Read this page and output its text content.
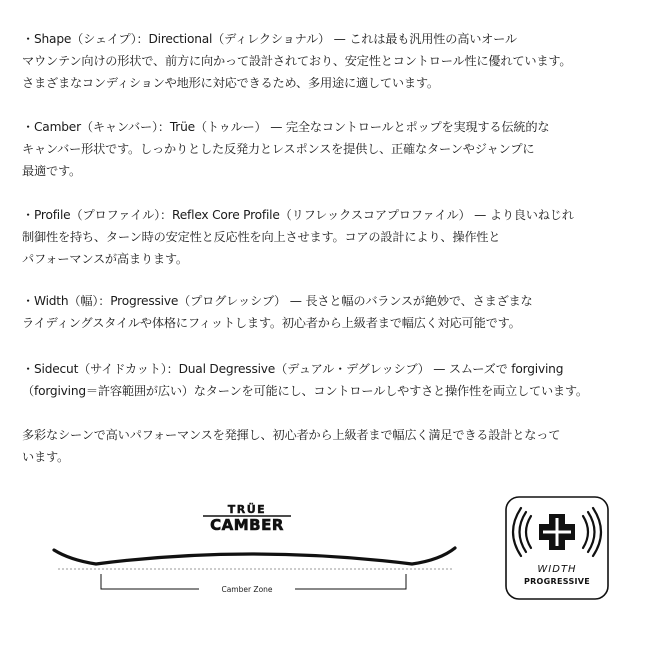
・Shape（シェイプ）：Directional（ディレクショナル） — これは最も汎用性の高いオール
マウンテン向けの形状で、前方に向かって設計されており、安定性とコントロール性に優れています。
さまざまなコンディションや地形に対応できるため、多用途に適しています。
・Camber（キャンバー）：Trüe（トゥルー） — 完全なコントロールとポップを実現する伝統的な
キャンバー形状です。しっかりとした反発力とレスポンスを提供し、正確なターンやジャンプに
最適です。
・Profile（プロファイル）：Reflex Core Profile（リフレックスコアプロファイル） — より良いねじれ
制御性を持ち、ターン時の安定性と反応性を向上させます。コアの設計により、操作性と
パフォーマンスが高まります。
・Width（幅）：Progressive（プログレッシブ） — 長さと幅のバランスが絶妙で、さまざまな
ライディングスタイルや体格にフィットします。初心者から上級者まで幅広く対応可能です。
・Sidecut（サイドカット）：Dual Degressive（デュアル・デグレッシブ） — スムーズで forgiving
（forgiving＝許容範囲が広い）なターンを可能にし、コントロールしやすさと操作性を両立しています。
多彩なシーンで高いパフォーマンスを発揮し、初心者から上級者まで幅広く満足できる設計となって
います。
TRÜE
CAMBER
Camber Zone
WIDTH
PROGRESSIVE
